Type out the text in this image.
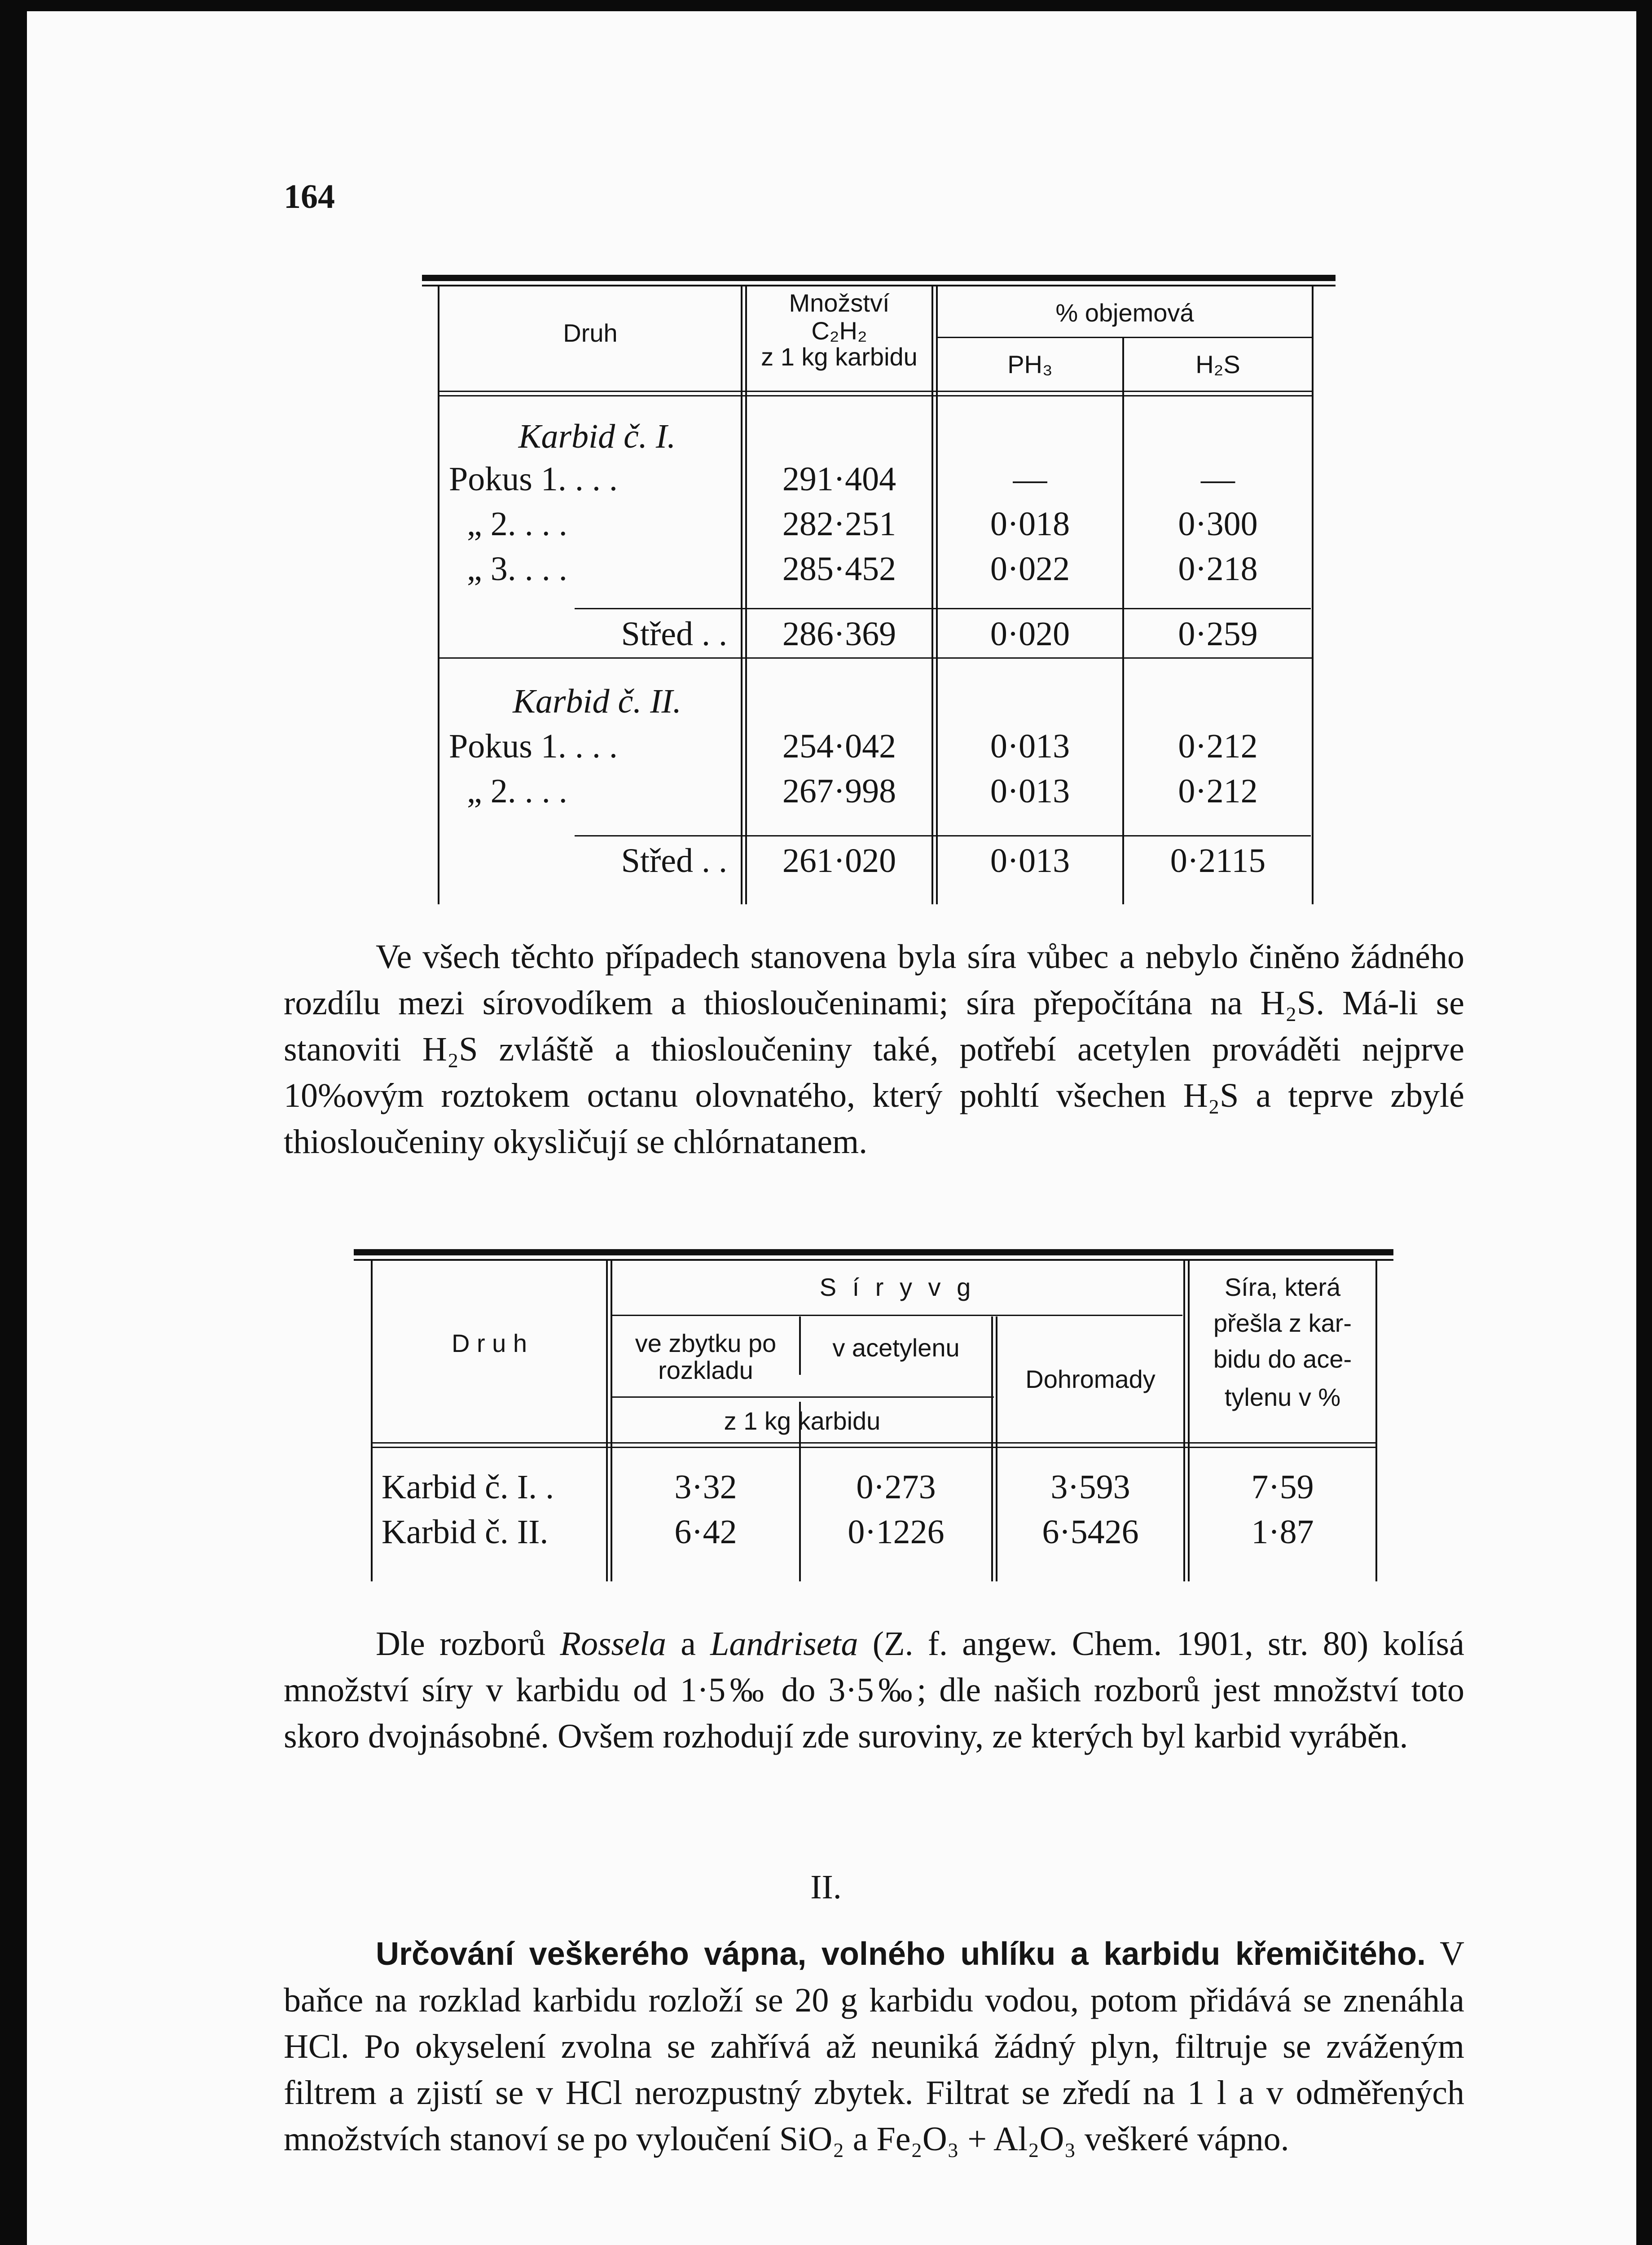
164
Druh
Množství
C₂H₂
z 1 kg karbidu
% objemová
PH₃	H₂S
Karbid č. I.
Pokus 1. . . .	291·404	—	—
„ 2. . . .	282·251	0·018	0·300
„ 3. . . .	285·452	0·022	0·218
Střed . .	286·369	0·020	0·259
Karbid č. II.
Pokus 1. . . .	254·042	0·013	0·212
„ 2. . . .	267·998	0·013	0·212
Střed . .	261·020	0·013	0·2115

Ve všech těchto případech stanovena byla síra vůbec a nebylo činěno žádného rozdílu mezi sírovodíkem a thiosloučeninami; síra přepočítána na H₂S. Má-li se stanoviti H₂S zvláště a thiosloučeniny také, potřebí acetylen prováděti nejprve 10%ovým roztokem octanu olovnatého, který pohltí všechen H₂S a teprve zbylé thiosloučeniny okysličují se chlórnatanem.

D r u h
S í r y v g
ve zbytku po rozkladu
v acetylenu
z 1 kg karbidu
Dohromady
Síra, která
přešla z kar-
bidu do ace-
tylenu v %
Karbid č. I. .	3·32	0·273	3·593	7·59
Karbid č. II.	6·42	0·1226	6·5426	1·87

Dle rozborů Rossela a Landriseta (Z. f. angew. Chem. 1901, str. 80) kolísá množství síry v karbidu od 1·5‰ do 3·5‰; dle našich rozborů jest množství toto skoro dvojnásobné. Ovšem rozhodují zde suroviny, ze kterých byl karbid vyráběn.

II.

Určování veškerého vápna, volného uhlíku a karbidu křemičitého. V baňce na rozklad karbidu rozloží se 20 g karbidu vodou, potom přidává se znenáhla HCl. Po okyselení zvolna se zahřívá až neuniká žádný plyn, filtruje se zváženým filtrem a zjistí se v HCl nerozpustný zbytek. Filtrat se zředí na 1 l a v odměřených množstvích stanoví se po vyloučení SiO₂ a Fe₂O₃ + Al₂O₃ veškeré vápno.
